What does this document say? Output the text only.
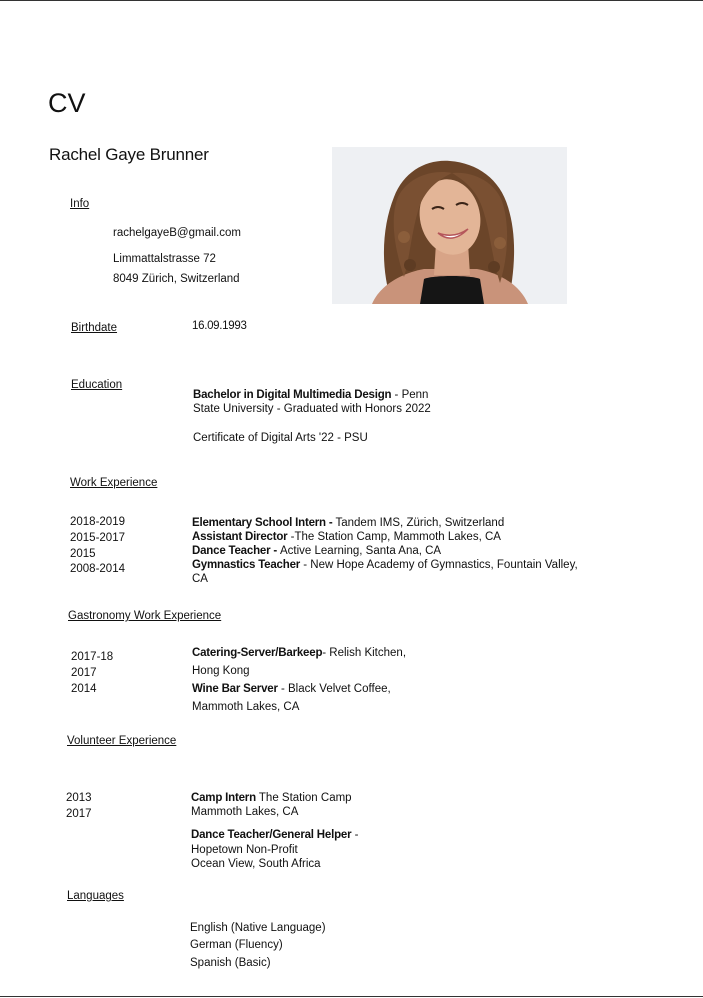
CV
Rachel Gaye Brunner
Info
rachelgayeB@gmail.com
Limmattalstrasse 72
8049 Zürich, Switzerland
Birthdate	16.09.1993
Education
Bachelor in Digital Multimedia Design - Penn
State University - Graduated with Honors 2022
Certificate of Digital Arts '22 - PSU
Work Experience
2018-2019
2015-2017
2015
2008-2014
Elementary School Intern - Tandem IMS, Zürich, Switzerland
Assistant Director -The Station Camp, Mammoth Lakes, CA
Dance Teacher - Active Learning, Santa Ana, CA
Gymnastics Teacher - New Hope Academy of Gymnastics, Fountain Valley,
CA
Gastronomy Work Experience
2017-18
2017
2014
Catering-Server/Barkeep- Relish Kitchen,
Hong Kong
Wine Bar Server - Black Velvet Coffee,
Mammoth Lakes, CA
Volunteer Experience
2013
2017
Camp Intern The Station Camp
Mammoth Lakes, CA
Dance Teacher/General Helper -
Hopetown Non-Profit
Ocean View, South Africa
Languages
English (Native Language)
German (Fluency)
Spanish (Basic)
